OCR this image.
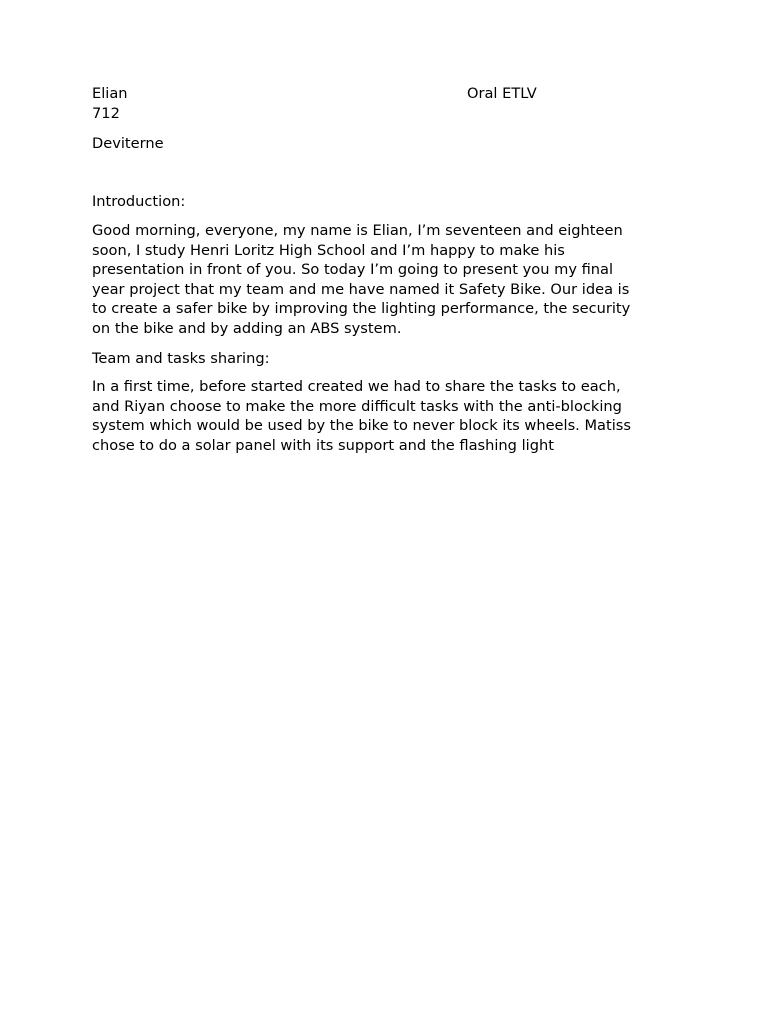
Elian	Oral ETLV
712
Deviterne
Introduction:
Good morning, everyone, my name is Elian, I’m seventeen and eighteen
soon, I study Henri Loritz High School and I’m happy to make his
presentation in front of you. So today I’m going to present you my final
year project that my team and me have named it Safety Bike. Our idea is
to create a safer bike by improving the lighting performance, the security
on the bike and by adding an ABS system.
Team and tasks sharing:
In a first time, before started created we had to share the tasks to each,
and Riyan choose to make the more difficult tasks with the anti-blocking
system which would be used by the bike to never block its wheels. Matiss
chose to do a solar panel with its support and the flashing light
